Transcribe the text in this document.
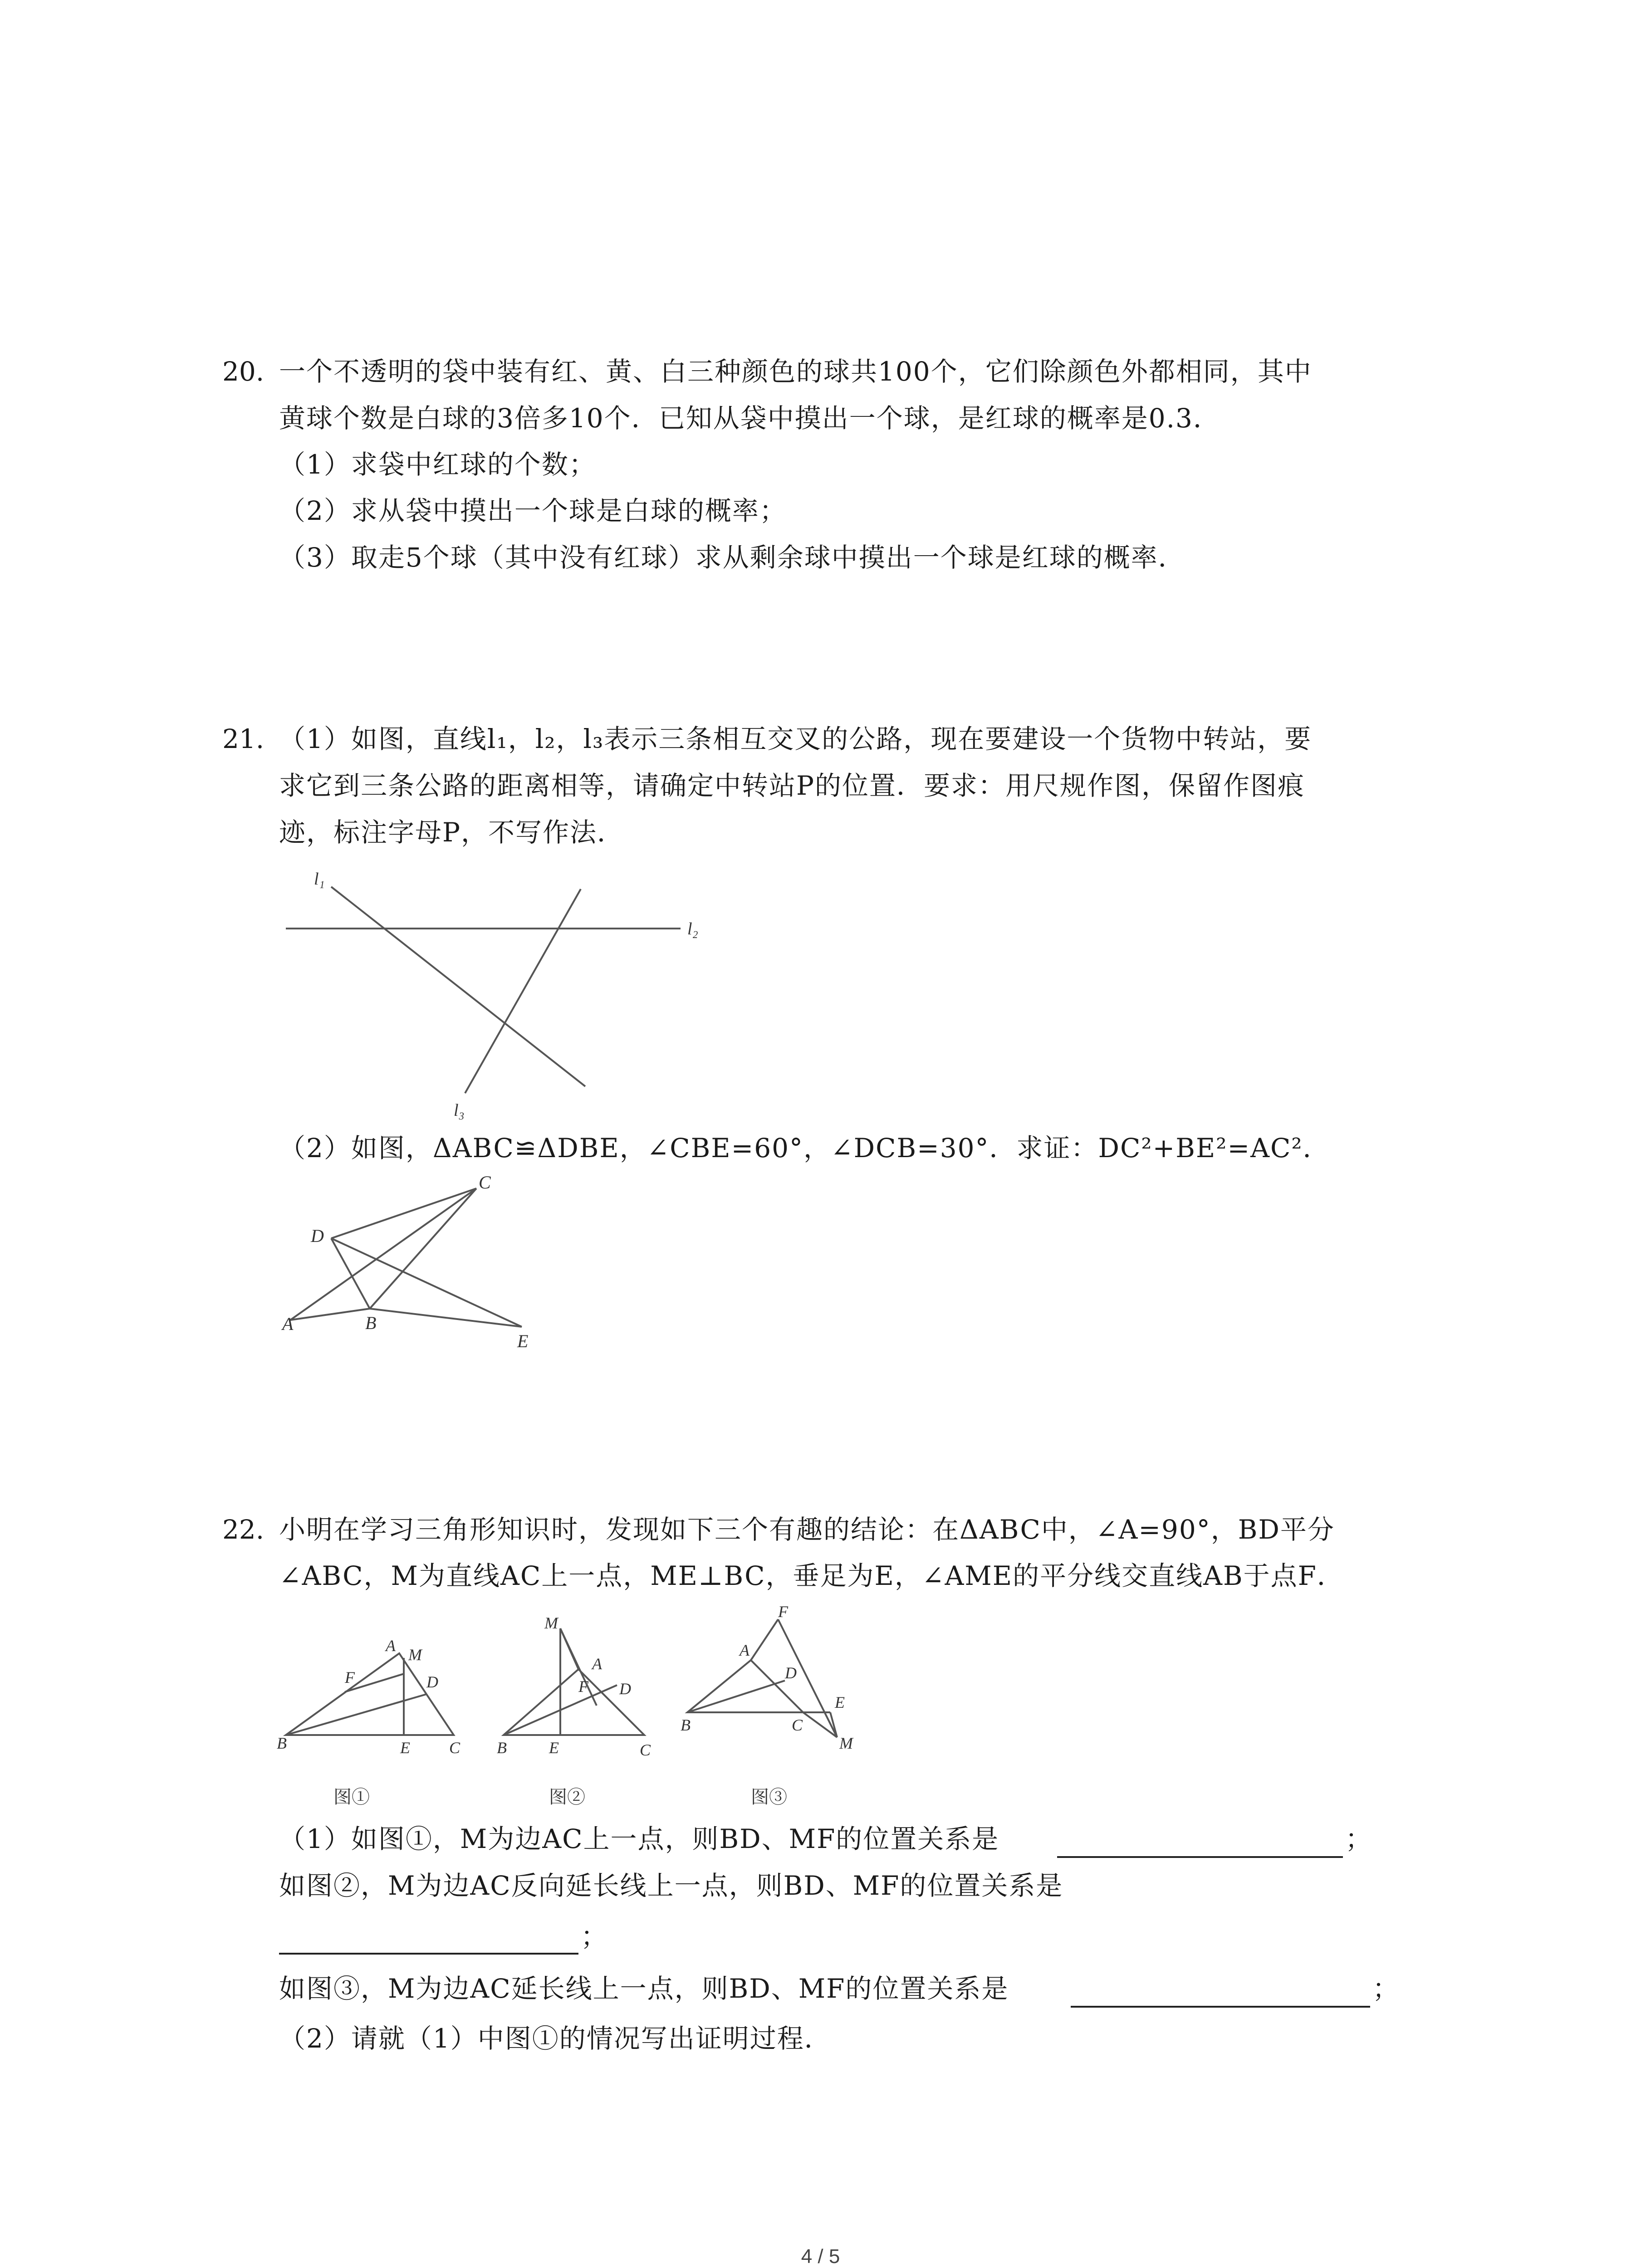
20. 一个不透明的袋中装有红、黄、白三种颜色的球共100个，它们除颜色外都相同，其中
黄球个数是白球的3倍多10个．已知从袋中摸出一个球，是红球的概率是0.3．
（1）求袋中红球的个数；
（2）求从袋中摸出一个球是白球的概率；
（3）取走5个球（其中没有红球）求从剩余球中摸出一个球是红球的概率．
21. （1）如图，直线l₁，l₂，l₃表示三条相互交叉的公路，现在要建设一个货物中转站，要
求它到三条公路的距离相等，请确定中转站P的位置．要求：用尺规作图，保留作图痕
迹，标注字母P，不写作法．
l₁
l₂
l₃
（2）如图，ΔABC≌ΔDBE，∠CBE=60°，∠DCB=30°．求证：DC²+BE²=AC²．
A	B
C
D
E
22. 小明在学习三角形知识时，发现如下三个有趣的结论：在ΔABC中，∠A=90°，BD平分
∠ABC，M为直线AC上一点，ME⊥BC，垂足为E，∠AME的平分线交直线AB于点F．
A M
F	D
B	E C
图①
M
A
F D
B	E	C
图②
F
A
D
E
B	C
M
图③
（1）如图①，M为边AC上一点，则BD、MF的位置关系是	；
如图②，M为边AC反向延长线上一点，则BD、MF的位置关系是
；
如图③，M为边AC延长线上一点，则BD、MF的位置关系是	；
（2）请就（1）中图①的情况写出证明过程．
4 / 5
